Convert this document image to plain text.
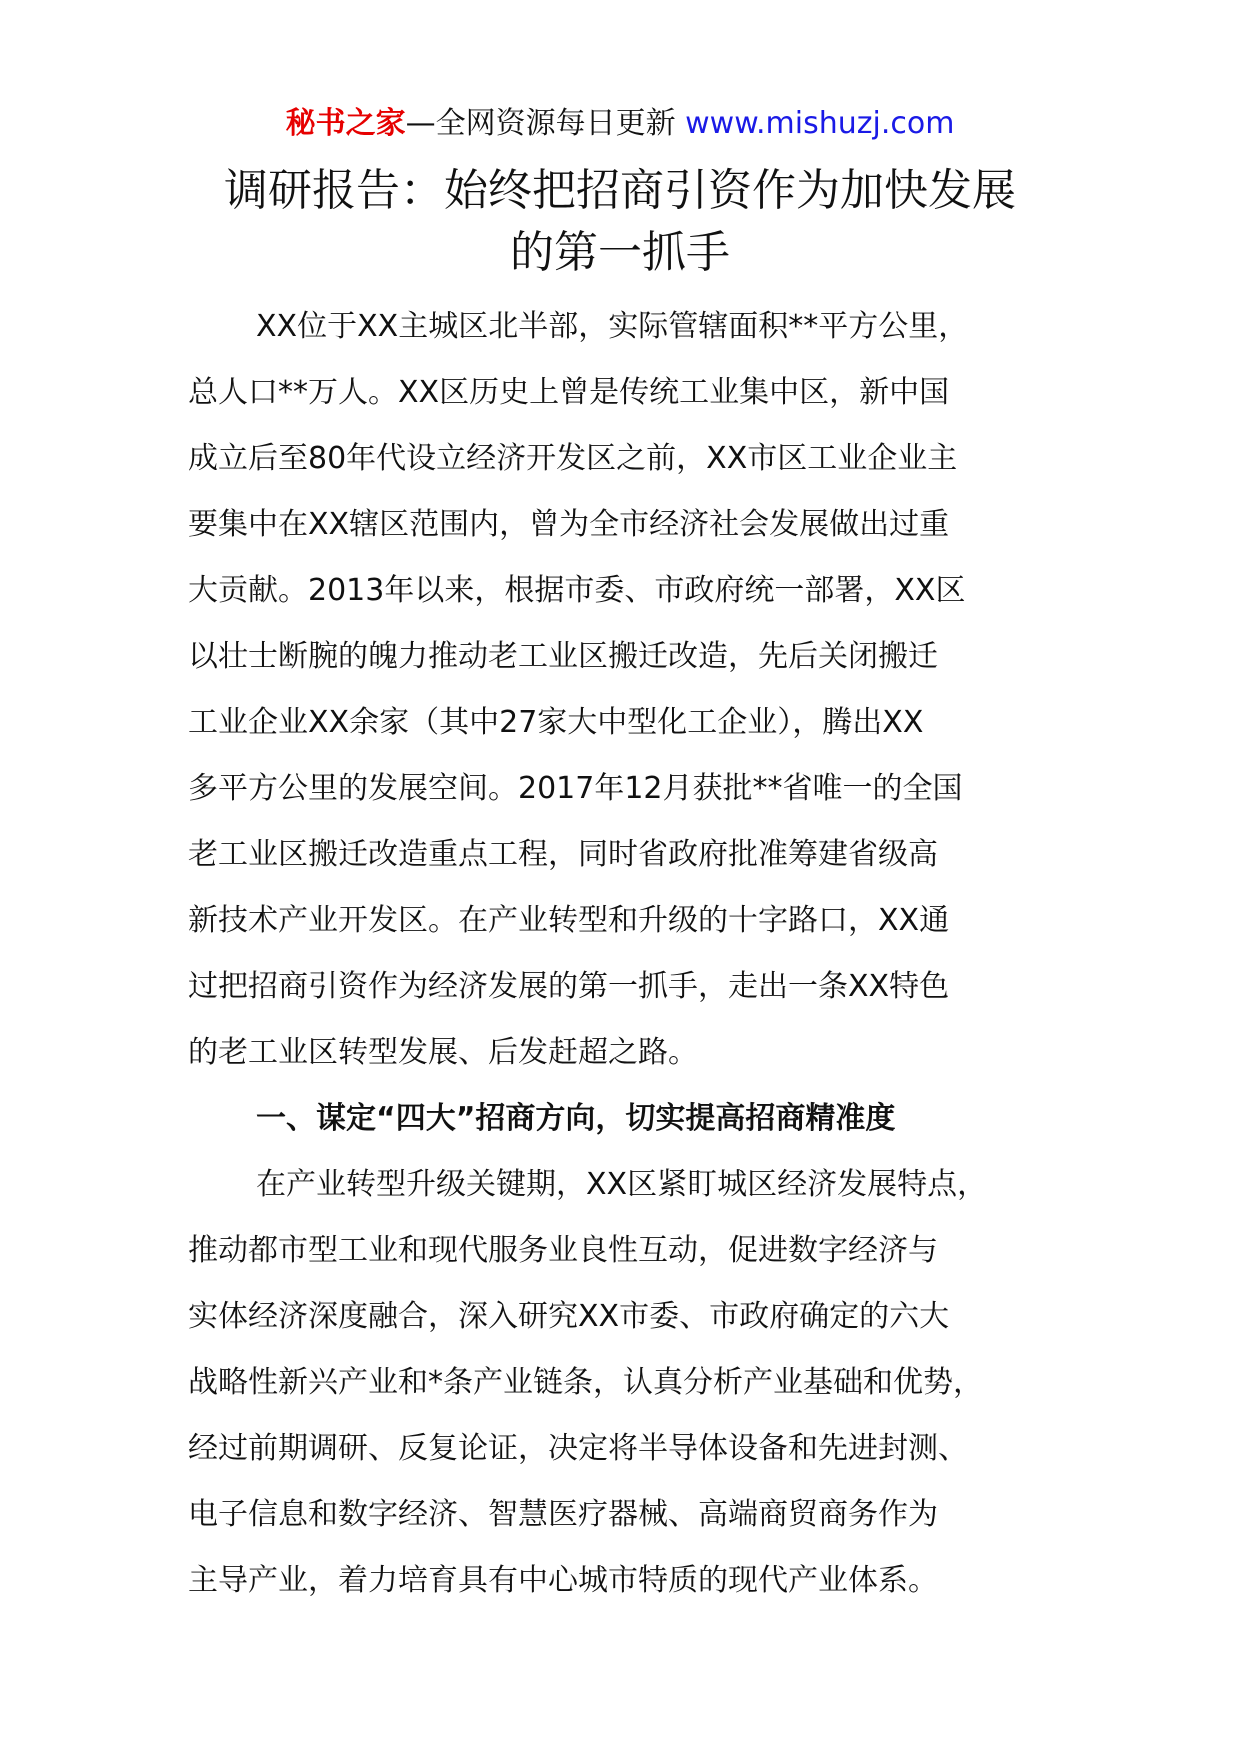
秘书之家—全网资源每日更新 www.mishuzj.com
调研报告：始终把招商引资作为加快发展
的第一抓手

XX位于XX主城区北半部，实际管辖面积**平方公里，
总人口**万人。XX区历史上曾是传统工业集中区，新中国
成立后至80年代设立经济开发区之前，XX市区工业企业主
要集中在XX辖区范围内，曾为全市经济社会发展做出过重
大贡献。2013年以来，根据市委、市政府统一部署，XX区
以壮士断腕的魄力推动老工业区搬迁改造，先后关闭搬迁
工业企业XX余家（其中27家大中型化工企业），腾出XX
多平方公里的发展空间。2017年12月获批**省唯一的全国
老工业区搬迁改造重点工程，同时省政府批准筹建省级高
新技术产业开发区。在产业转型和升级的十字路口，XX通
过把招商引资作为经济发展的第一抓手，走出一条XX特色
的老工业区转型发展、后发赶超之路。

一、谋定“四大”招商方向，切实提高招商精准度

在产业转型升级关键期，XX区紧盯城区经济发展特点，
推动都市型工业和现代服务业良性互动，促进数字经济与
实体经济深度融合，深入研究XX市委、市政府确定的六大
战略性新兴产业和*条产业链条，认真分析产业基础和优势，
经过前期调研、反复论证，决定将半导体设备和先进封测、
电子信息和数字经济、智慧医疗器械、高端商贸商务作为
主导产业，着力培育具有中心城市特质的现代产业体系。
